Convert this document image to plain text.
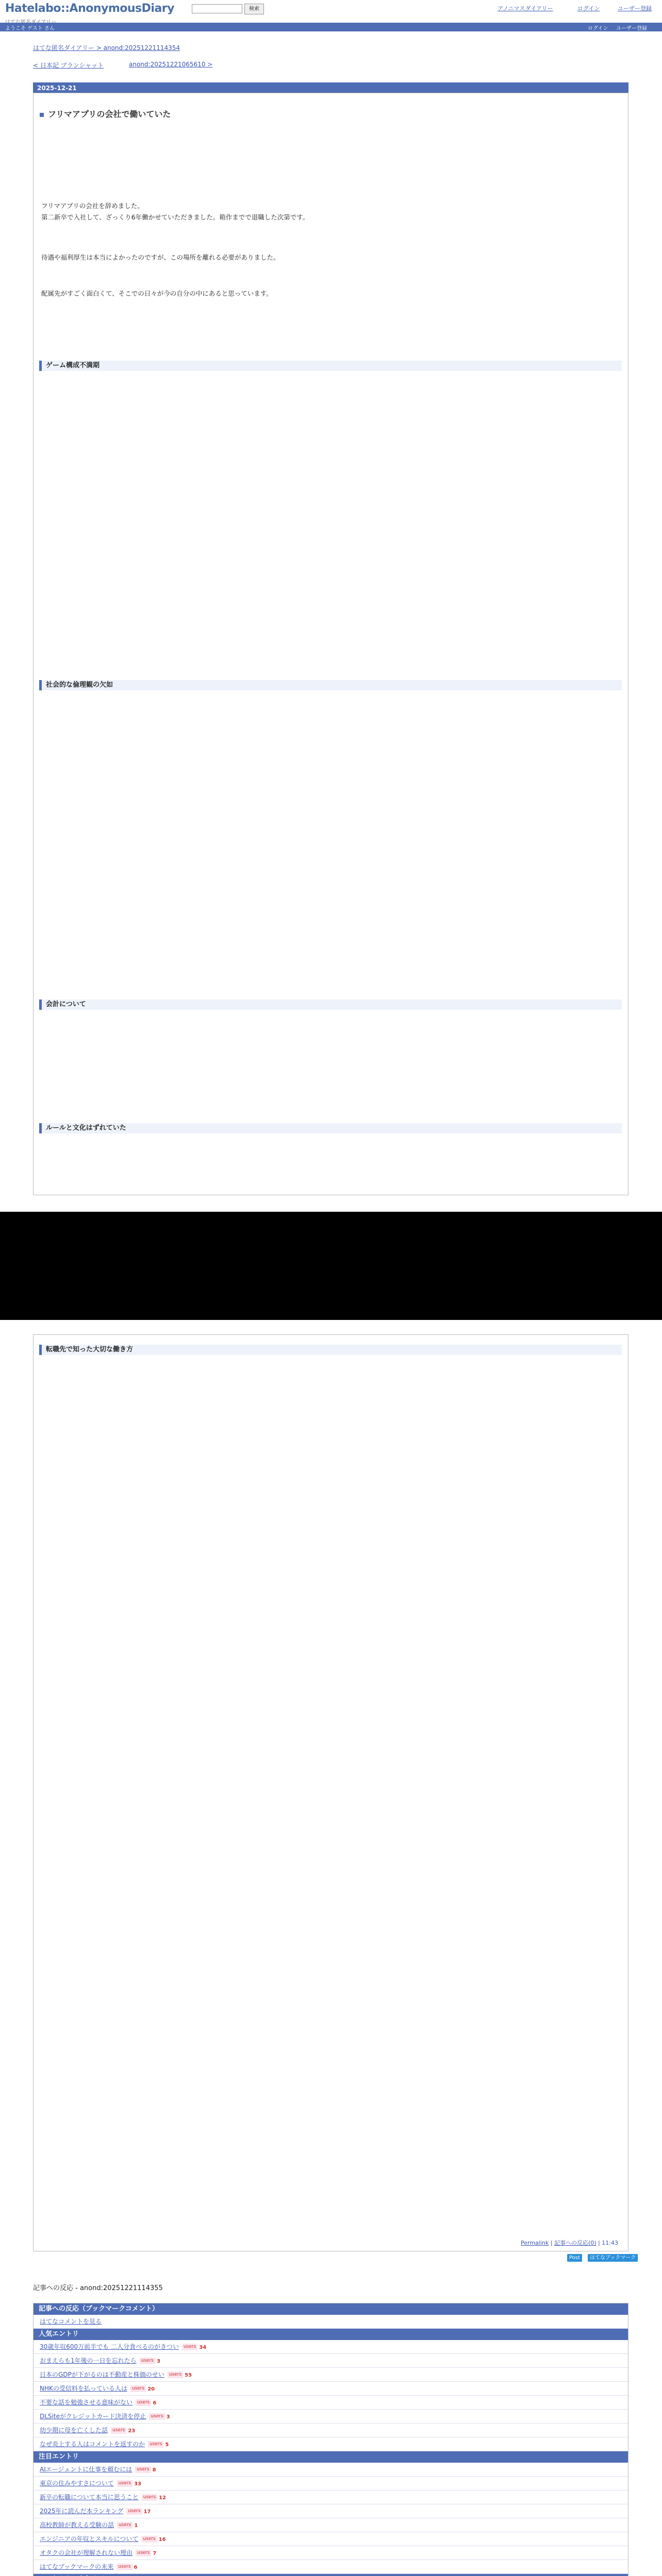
Hatelabo::AnonymousDiary	検索	アノニマスダイアリー	ログイン	ユーザー登録
ようこそ ゲスト さん	ログイン ユーザー登録
はてな匿名ダイアリー > anond:20251221114354
< 日本記 ブランシャット	anond:20251221065610 >
2025-12-21
フリマアプリの会社で働いていた
フリマアプリの会社を辞めました。
第二新卒で入社して、ざっくり6年働かせていただきました。箱作までで退職した次第です。
待遇や福利厚生は本当によかったのですが、この場所を離れる必要がありました。
配属先がすごく面白くて、そこでの日々が今の自分の中にあると思っています。
ゲーム構成不満期
社会的な倫理観の欠如
会計について
ルールと文化はずれていた
転職先で知った大切な働き方
Permalink | 記事への反応(0) | 11:43
Post	はてなブックマーク
記事への反応 - anond:20251221114355
記事への反応（ブックマークコメント）
はてなコメントを見る
人気エントリ
30歳年収600万前半でも 二人分食べるのがきつい users 34
おまえらも1年後の一日を忘れたら users 3
日本のGDPが下がるのは不動産と株価のせい users 55
NHKの受信料を払っている人は users 20
不要な話を勉強させる意味がない users 6
DLSiteがクレジットカード決済を停止 users 3
幼少期に母を亡くした話 users 23
なぜ炎上する人はコメントを返すのか users 5
注目エントリ
AIエージェントに仕事を頼むには users 8
東京の住みやすさについて users 33
新卒の転職について本当に思うこと users 12
2025年に読んだ本ランキング users 17
高校教師が教える受験の話 users 1
エンジニアの年収とスキルについて users 16
オタクの会社が理解されない理由 users 7
はてなブックマークの未来 users 6
